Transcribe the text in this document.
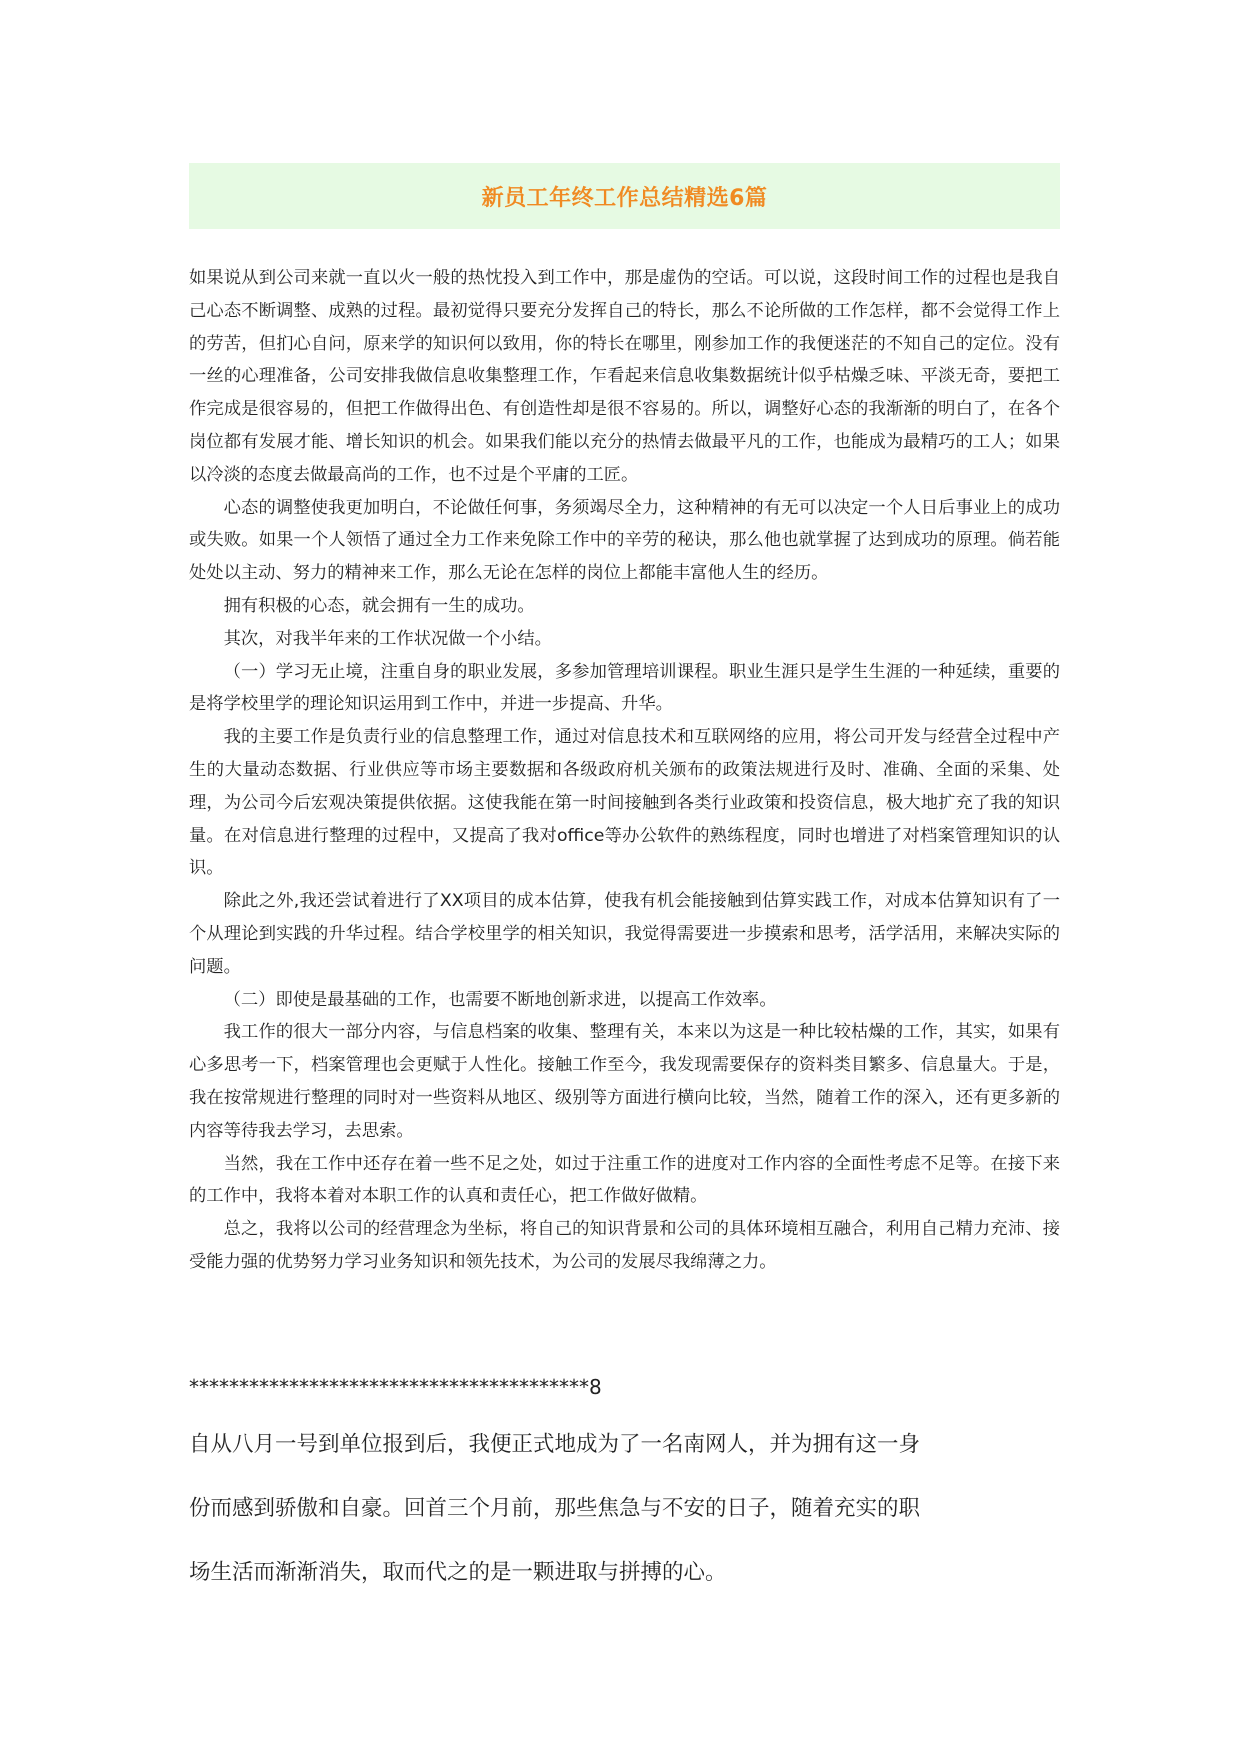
新员工年终工作总结精选6篇

如果说从到公司来就一直以火一般的热忱投入到工作中，那是虚伪的空话。可以说，这段时间工作的过程也是我自己心态不断调整、成熟的过程。最初觉得只要充分发挥自己的特长，那么不论所做的工作怎样，都不会觉得工作上的劳苦，但扪心自问，原来学的知识何以致用，你的特长在哪里，刚参加工作的我便迷茫的不知自己的定位。没有一丝的心理准备，公司安排我做信息收集整理工作，乍看起来信息收集数据统计似乎枯燥乏味、平淡无奇，要把工作完成是很容易的，但把工作做得出色、有创造性却是很不容易的。所以，调整好心态的我渐渐的明白了，在各个岗位都有发展才能、增长知识的机会。如果我们能以充分的热情去做最平凡的工作，也能成为最精巧的工人；如果以冷淡的态度去做最高尚的工作，也不过是个平庸的工匠。

心态的调整使我更加明白，不论做任何事，务须竭尽全力，这种精神的有无可以决定一个人日后事业上的成功或失败。如果一个人领悟了通过全力工作来免除工作中的辛劳的秘诀，那么他也就掌握了达到成功的原理。倘若能处处以主动、努力的精神来工作，那么无论在怎样的岗位上都能丰富他人生的经历。

拥有积极的心态，就会拥有一生的成功。

其次，对我半年来的工作状况做一个小结。

（一）学习无止境，注重自身的职业发展，多参加管理培训课程。职业生涯只是学生生涯的一种延续，重要的是将学校里学的理论知识运用到工作中，并进一步提高、升华。

我的主要工作是负责行业的信息整理工作，通过对信息技术和互联网络的应用，将公司开发与经营全过程中产生的大量动态数据、行业供应等市场主要数据和各级政府机关颁布的政策法规进行及时、准确、全面的采集、处理，为公司今后宏观决策提供依据。这使我能在第一时间接触到各类行业政策和投资信息，极大地扩充了我的知识量。在对信息进行整理的过程中，又提高了我对office等办公软件的熟练程度，同时也增进了对档案管理知识的认识。

除此之外,我还尝试着进行了XX项目的成本估算，使我有机会能接触到估算实践工作，对成本估算知识有了一个从理论到实践的升华过程。结合学校里学的相关知识，我觉得需要进一步摸索和思考，活学活用，来解决实际的问题。

（二）即使是最基础的工作，也需要不断地创新求进，以提高工作效率。

我工作的很大一部分内容，与信息档案的收集、整理有关，本来以为这是一种比较枯燥的工作，其实，如果有心多思考一下，档案管理也会更赋于人性化。接触工作至今，我发现需要保存的资料类目繁多、信息量大。于是，我在按常规进行整理的同时对一些资料从地区、级别等方面进行横向比较，当然，随着工作的深入，还有更多新的内容等待我去学习，去思索。

当然，我在工作中还存在着一些不足之处，如过于注重工作的进度对工作内容的全面性考虑不足等。在接下来的工作中，我将本着对本职工作的认真和责任心，把工作做好做精。

总之，我将以公司的经营理念为坐标，将自己的知识背景和公司的具体环境相互融合，利用自己精力充沛、接受能力强的优势努力学习业务知识和领先技术，为公司的发展尽我绵薄之力。

****************************************8

自从八月一号到单位报到后，我便正式地成为了一名南网人，并为拥有这一身

份而感到骄傲和自豪。回首三个月前，那些焦急与不安的日子，随着充实的职

场生活而渐渐消失，取而代之的是一颗进取与拼搏的心。
